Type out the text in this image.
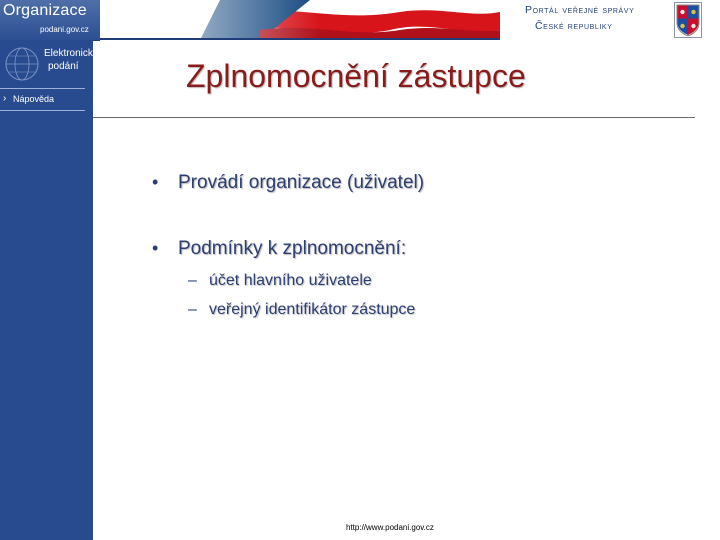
Organizace
podani.gov.cz
Portál veřejné správy
České republiky
Elektronická
podání
› Nápověda
Zplnomocnění zástupce
• Provádí organizace (uživatel)
• Podmínky k zplnomocnění:
– účet hlavního uživatele
– veřejný identifikátor zástupce
http://www.podani.gov.cz
